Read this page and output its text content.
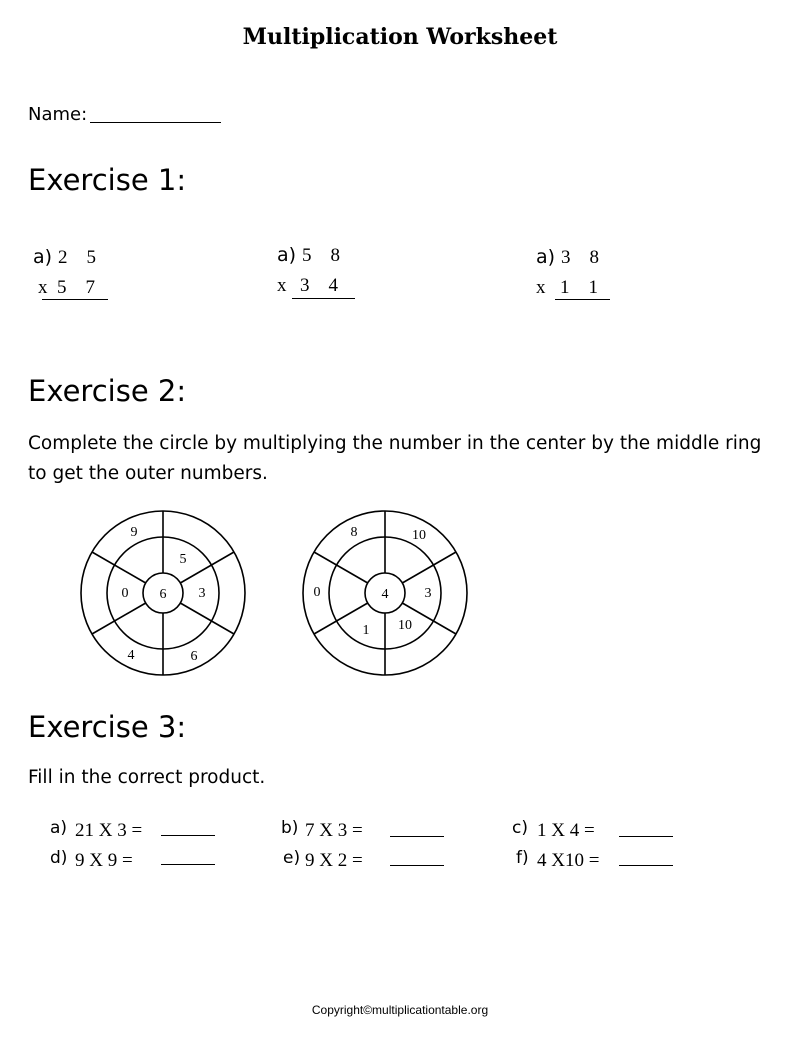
Multiplication Worksheet
Name:
Exercise 1:
a) 2    5
x 5    7
a) 5    8
x 3    4
a) 3    8
x 1    1
Exercise 2:
Complete the circle by multiplying the number in the center by the middle ring
to get the outer numbers.
6
5
3
0
9
4	6
4	3
10
1
8	10
0
Exercise 3:
Fill in the correct product.
a) 21 X 3 =	b) 7 X 3 =	c) 1 X 4 =
d) 9 X 9 =	e) 9 X 2 =	f) 4 X10 =
Copyright©multiplicationtable.org
